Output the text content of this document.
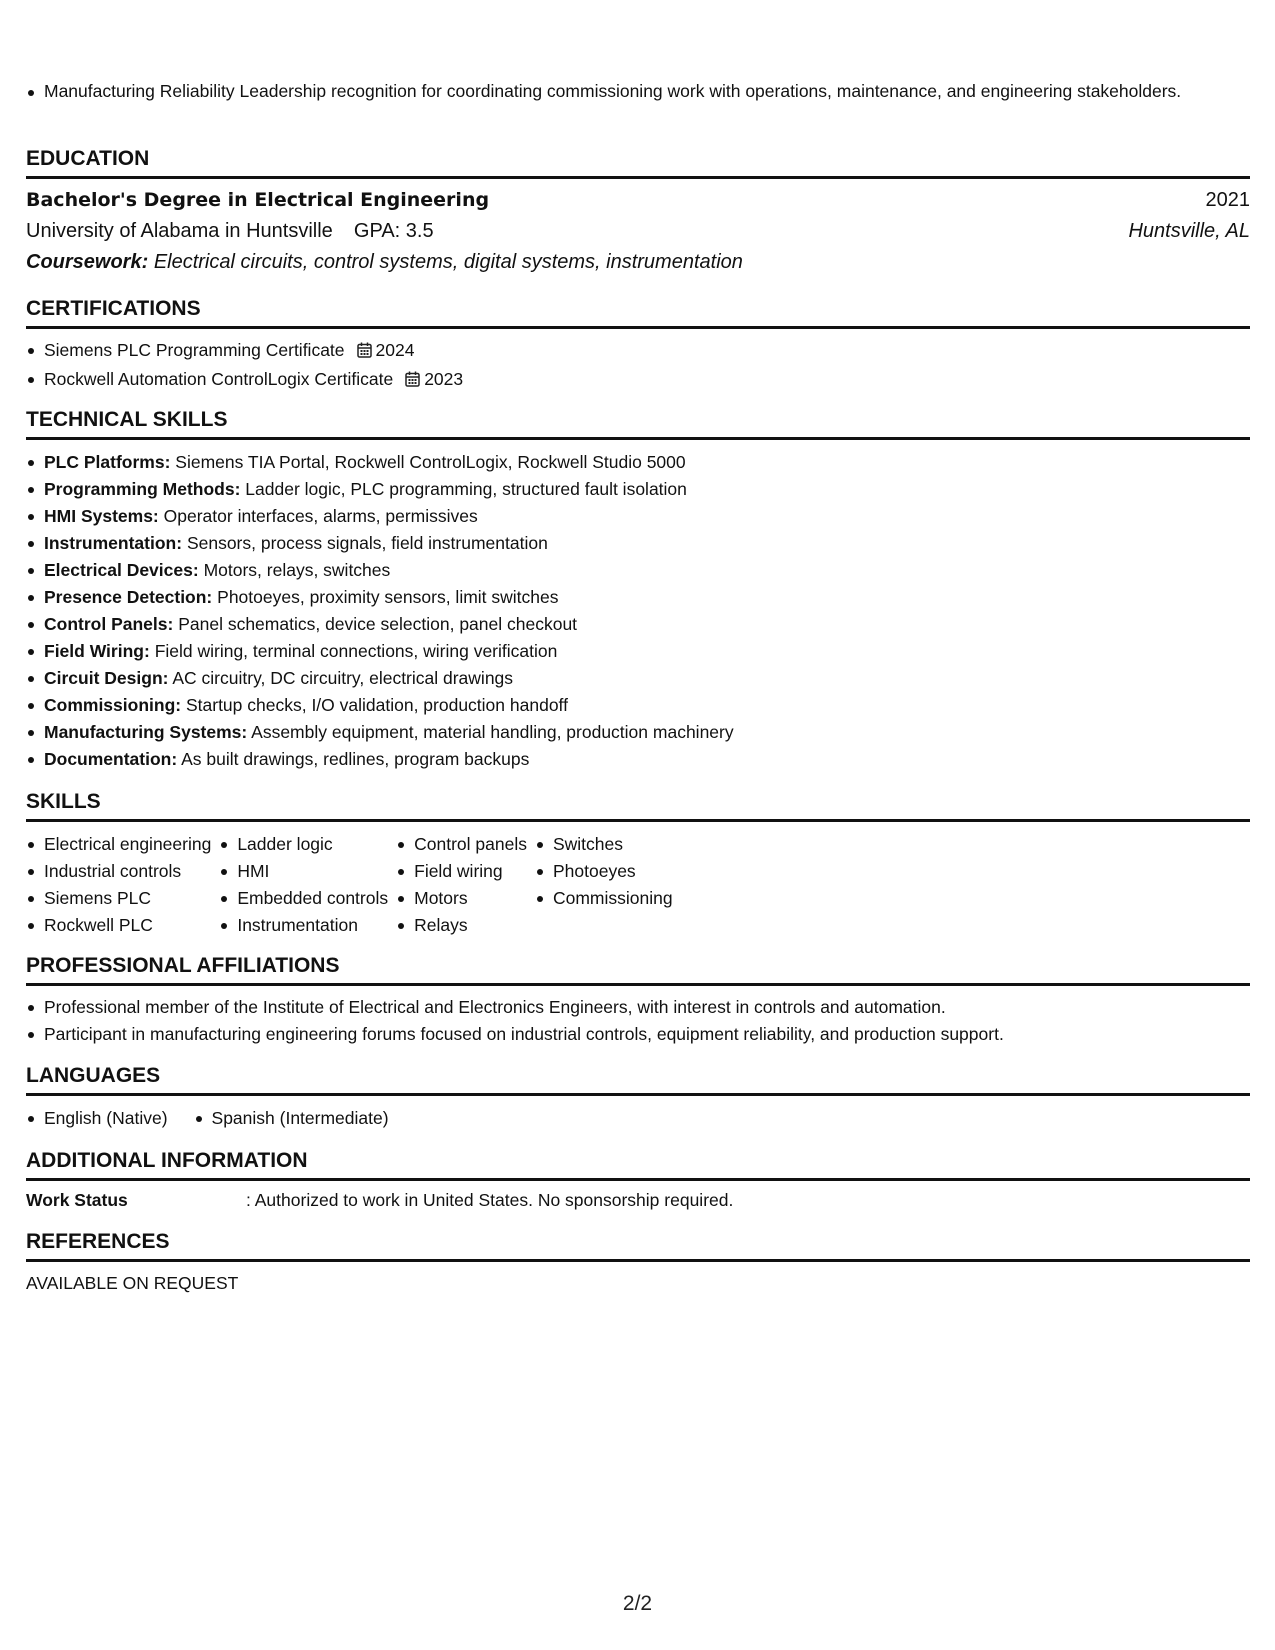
Manufacturing Reliability Leadership recognition for coordinating commissioning work with operations, maintenance, and engineering stakeholders.
EDUCATION
Bachelor's Degree in Electrical Engineering	2021
University of Alabama in Huntsville GPA: 3.5	Huntsville, AL
Coursework: Electrical circuits, control systems, digital systems, instrumentation
CERTIFICATIONS
Siemens PLC Programming Certificate 2024
Rockwell Automation ControlLogix Certificate 2023
TECHNICAL SKILLS
PLC Platforms: Siemens TIA Portal, Rockwell ControlLogix, Rockwell Studio 5000
Programming Methods: Ladder logic, PLC programming, structured fault isolation
HMI Systems: Operator interfaces, alarms, permissives
Instrumentation: Sensors, process signals, field instrumentation
Electrical Devices: Motors, relays, switches
Presence Detection: Photoeyes, proximity sensors, limit switches
Control Panels: Panel schematics, device selection, panel checkout
Field Wiring: Field wiring, terminal connections, wiring verification
Circuit Design: AC circuitry, DC circuitry, electrical drawings
Commissioning: Startup checks, I/O validation, production handoff
Manufacturing Systems: Assembly equipment, material handling, production machinery
Documentation: As built drawings, redlines, program backups
SKILLS
Electrical engineering
Industrial controls
Siemens PLC
Rockwell PLC
Ladder logic
HMI
Embedded controls
Instrumentation
Control panels
Field wiring
Motors
Relays
Switches
Photoeyes
Commissioning
PROFESSIONAL AFFILIATIONS
Professional member of the Institute of Electrical and Electronics Engineers, with interest in controls and automation.
Participant in manufacturing engineering forums focused on industrial controls, equipment reliability, and production support.
LANGUAGES
English (Native)	Spanish (Intermediate)
ADDITIONAL INFORMATION
Work Status	: Authorized to work in United States. No sponsorship required.
REFERENCES
AVAILABLE ON REQUEST
2/2
